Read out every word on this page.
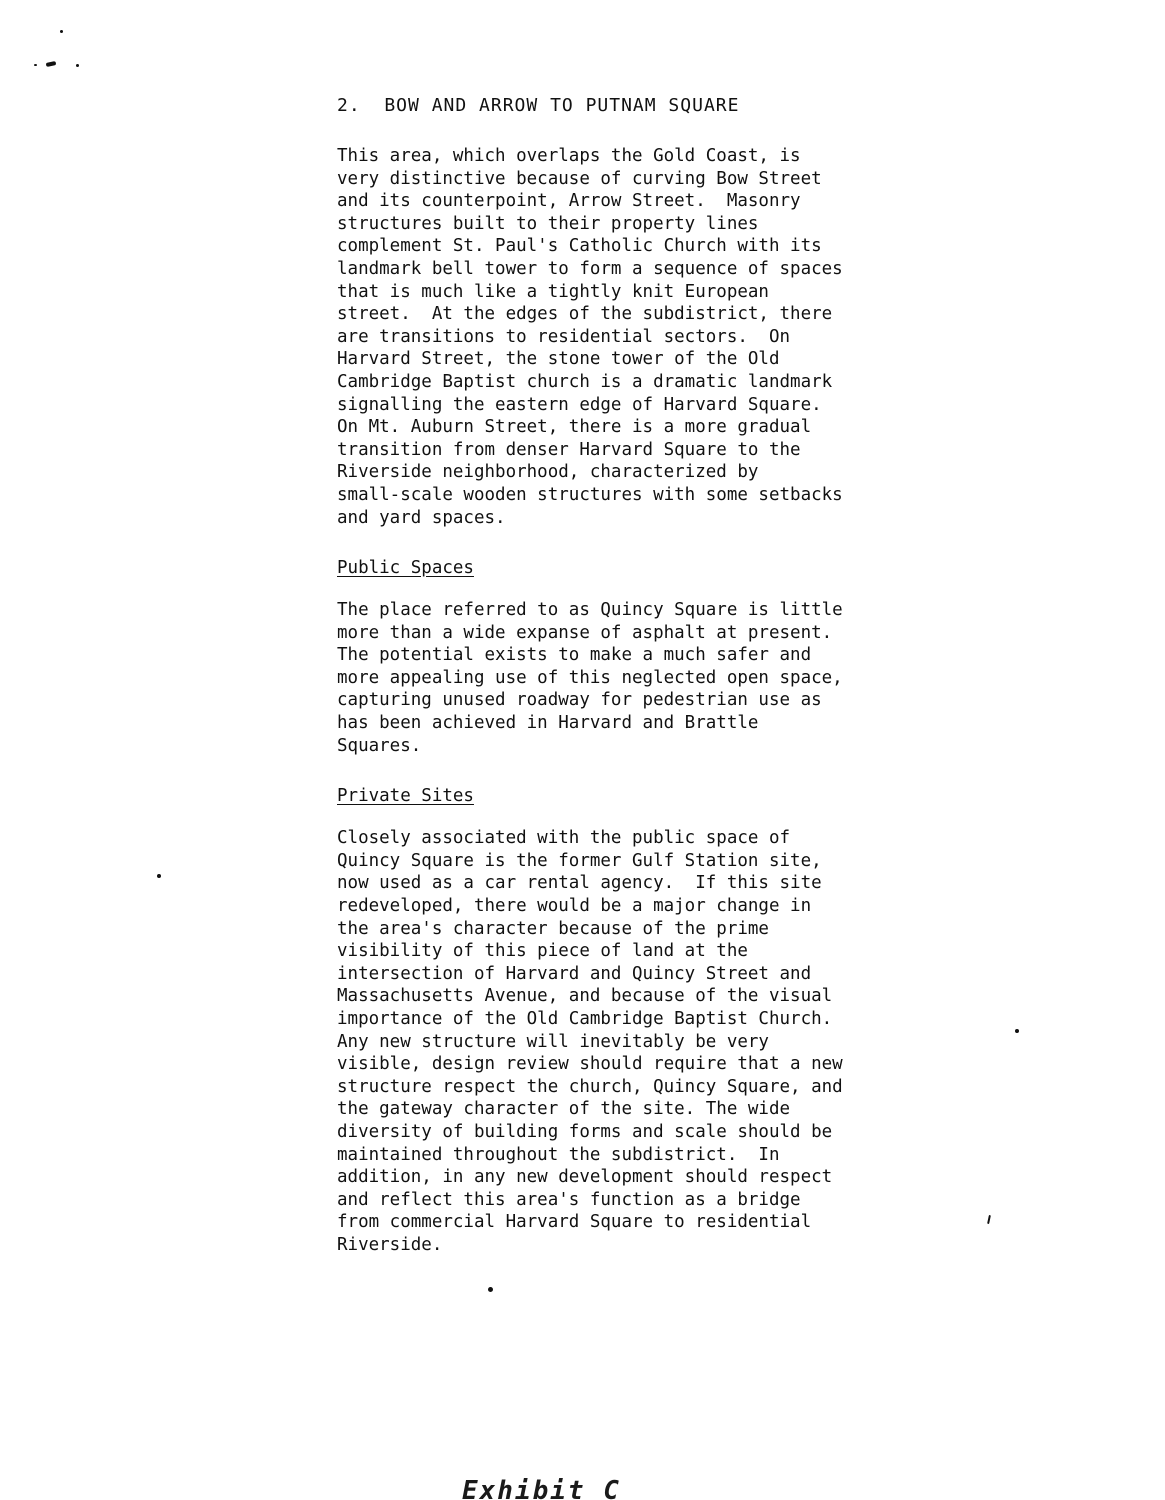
2.  BOW AND ARROW TO PUTNAM SQUARE
This area, which overlaps the Gold Coast, is
very distinctive because of curving Bow Street
and its counterpoint, Arrow Street.  Masonry
structures built to their property lines
complement St. Paul's Catholic Church with its
landmark bell tower to form a sequence of spaces
that is much like a tightly knit European
street.  At the edges of the subdistrict, there
are transitions to residential sectors.  On
Harvard Street, the stone tower of the Old
Cambridge Baptist church is a dramatic landmark
signalling the eastern edge of Harvard Square.
On Mt. Auburn Street, there is a more gradual
transition from denser Harvard Square to the
Riverside neighborhood, characterized by
small-scale wooden structures with some setbacks
and yard spaces.
Public Spaces
The place referred to as Quincy Square is little
more than a wide expanse of asphalt at present.
The potential exists to make a much safer and
more appealing use of this neglected open space,
capturing unused roadway for pedestrian use as
has been achieved in Harvard and Brattle
Squares.
Private Sites
Closely associated with the public space of
Quincy Square is the former Gulf Station site,
now used as a car rental agency.  If this site
redeveloped, there would be a major change in
the area's character because of the prime
visibility of this piece of land at the
intersection of Harvard and Quincy Street and
Massachusetts Avenue, and because of the visual
importance of the Old Cambridge Baptist Church.
Any new structure will inevitably be very
visible, design review should require that a new
structure respect the church, Quincy Square, and
the gateway character of the site. The wide
diversity of building forms and scale should be
maintained throughout the subdistrict.  In
addition, in any new development should respect
and reflect this area's function as a bridge
from commercial Harvard Square to residential
Riverside.
Exhibit C
